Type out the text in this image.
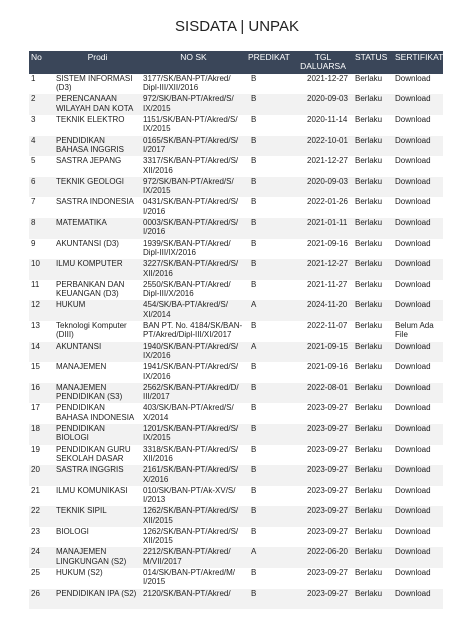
SISDATA | UNPAK
No	Prodi	NO SK	PREDIKAT	TGL DALUARSA	STATUS	SERTIFIKAT
1	SISTEM INFORMASI (D3)	3177/SK/BAN-PT/Akred/ Dipl-III/XII/2016	B	2021-12-27	Berlaku	Download
2	PERENCANAAN WILAYAH DAN KOTA	972/SK/BAN-PT/Akred/S/ IX/2015	B	2020-09-03	Berlaku	Download
3	TEKNIK ELEKTRO	1151/SK/BAN-PT/Akred/S/ IX/2015	B	2020-11-14	Berlaku	Download
4	PENDIDIKAN BAHASA INGGRIS	0165/SK/BAN-PT/Akred/S/ I/2017	B	2022-10-01	Berlaku	Download
5	SASTRA JEPANG	3317/SK/BAN-PT/Akred/S/ XII/2016	B	2021-12-27	Berlaku	Download
6	TEKNIK GEOLOGI	972/SK/BAN-PT/Akred/S/ IX/2015	B	2020-09-03	Berlaku	Download
7	SASTRA INDONESIA	0431/SK/BAN-PT/Akred/S/ I/2016	B	2022-01-26	Berlaku	Download
8	MATEMATIKA	0003/SK/BAN-PT/Akred/S/ I/2016	B	2021-01-11	Berlaku	Download
9	AKUNTANSI (D3)	1939/SK/BAN-PT/Akred/ Dipl-III/IX/2016	B	2021-09-16	Berlaku	Download
10	ILMU KOMPUTER	3227/SK/BAN-PT/Akred/S/ XII/2016	B	2021-12-27	Berlaku	Download
11	PERBANKAN DAN KEUANGAN (D3)	2550/SK/BAN-PT/Akred/ Dipl-III/X/2016	B	2021-11-27	Berlaku	Download
12	HUKUM	454/SK/BA-PT/Akred/S/ XI/2014	A	2024-11-20	Berlaku	Download
13	Teknologi Komputer (DIII)	BAN PT. No. 4184/SK/BAN-PT/Akred/Dipl-III/XI/2017	B	2022-11-07	Berlaku	Belum Ada File
14	AKUNTANSI	1940/SK/BAN-PT/Akred/S/ IX/2016	A	2021-09-15	Berlaku	Download
15	MANAJEMEN	1941/SK/BAN-PT/Akred/S/ IX/2016	B	2021-09-16	Berlaku	Download
16	MANAJEMEN PENDIDIKAN (S3)	2562/SK/BAN-PT/Akred/D/ III/2017	B	2022-08-01	Berlaku	Download
17	PENDIDIKAN BAHASA INDONESIA	403/SK/BAN-PT/Akred/S/ X/2014	B	2023-09-27	Berlaku	Download
18	PENDIDIKAN BIOLOGI	1201/SK/BAN-PT/Akred/S/ IX/2015	B	2023-09-27	Berlaku	Download
19	PENDIDIKAN GURU SEKOLAH DASAR	3318/SK/BAN-PT/Akred/S/ XII/2016	B	2023-09-27	Berlaku	Download
20	SASTRA INGGRIS	2161/SK/BAN-PT/Akred/S/ X/2016	B	2023-09-27	Berlaku	Download
21	ILMU KOMUNIKASI	010/SK/BAN-PT/Ak-XV/S/ I/2013	B	2023-09-27	Berlaku	Download
22	TEKNIK SIPIL	1262/SK/BAN-PT/Akred/S/ XII/2015	B	2023-09-27	Berlaku	Download
23	BIOLOGI	1262/SK/BAN-PT/Akred/S/ XII/2015	B	2023-09-27	Berlaku	Download
24	MANAJEMEN LINGKUNGAN (S2)	2212/SK/BAN-PT/Akred/ M/VII/2017	A	2022-06-20	Berlaku	Download
25	HUKUM (S2)	014/SK/BAN-PT/Akred/M/ I/2015	B	2023-09-27	Berlaku	Download
26	PENDIDIKAN IPA (S2)	2120/SK/BAN-PT/Akred/	B	2023-09-27	Berlaku	Download
